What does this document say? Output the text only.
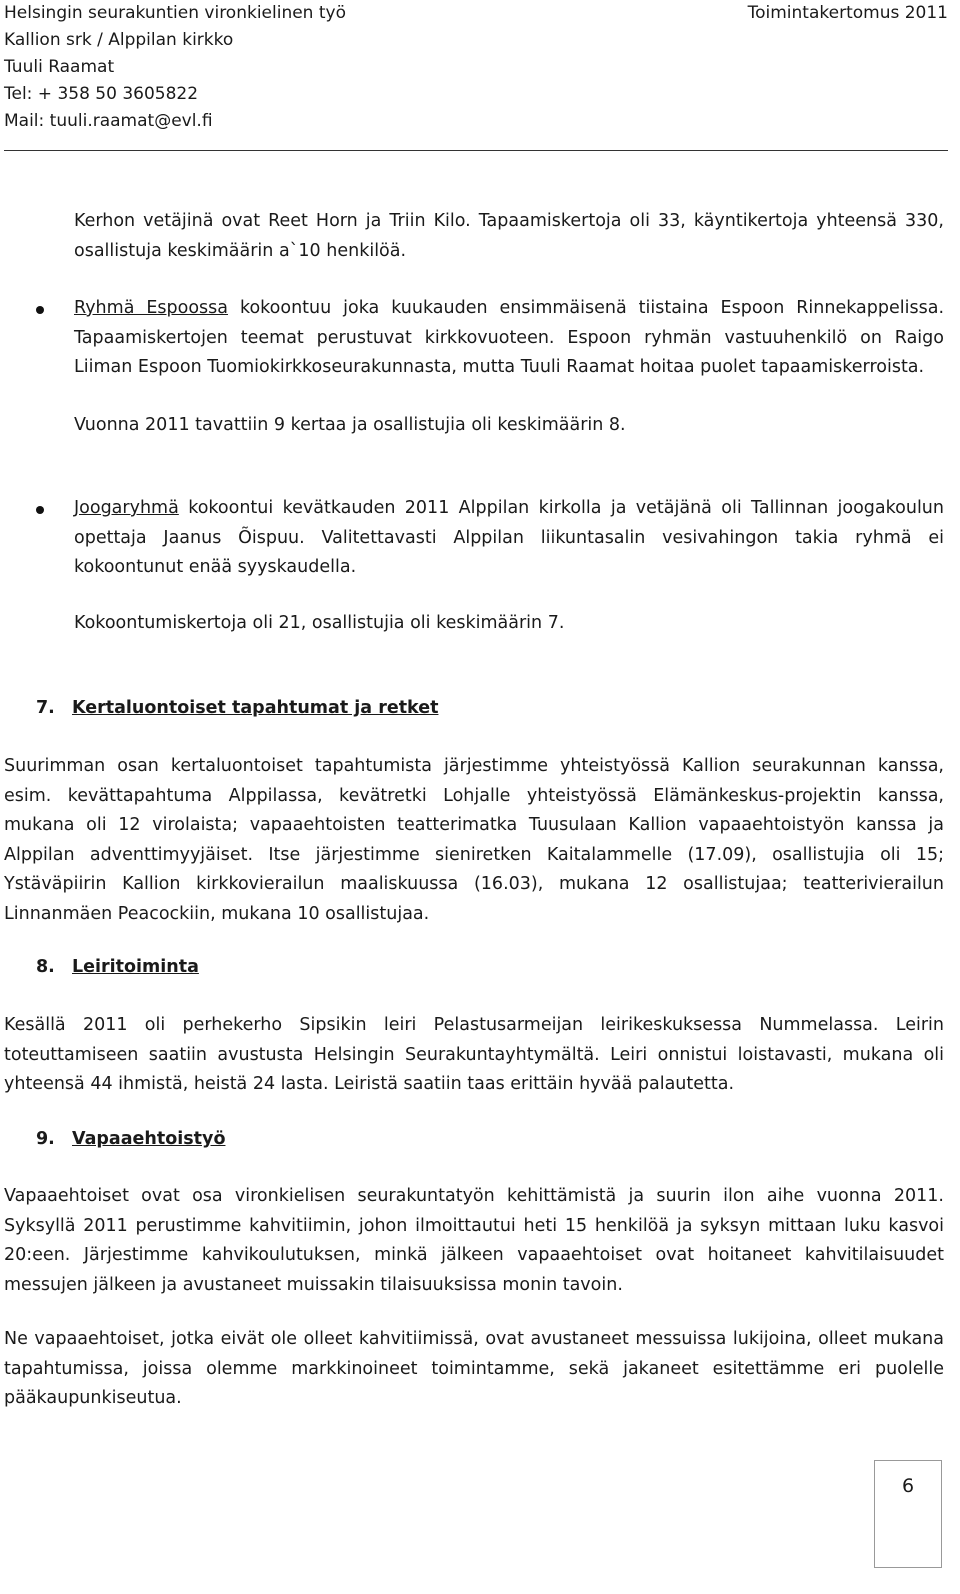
Helsingin seurakuntien vironkielinen työ
Kallion srk / Alppilan kirkko
Tuuli Raamat
Tel: + 358 50 3605822
Mail: tuuli.raamat@evl.fi
Toimintakertomus 2011

Kerhon vetäjinä ovat Reet Horn ja Triin Kilo. Tapaamiskertoja oli 33, käyntikertoja yhteensä 330, osallistuja keskimäärin a`10 henkilöä.

Ryhmä Espoossa kokoontuu joka kuukauden ensimmäisenä tiistaina Espoon Rinnekappelissa. Tapaamiskertojen teemat perustuvat kirkkovuoteen. Espoon ryhmän vastuuhenkilö on Raigo Liiman Espoon Tuomiokirkkoseurakunnasta, mutta Tuuli Raamat hoitaa puolet tapaamiskerroista.

Vuonna 2011 tavattiin 9 kertaa ja osallistujia oli keskimäärin 8.

Joogaryhmä kokoontui kevätkauden 2011 Alppilan kirkolla ja vetäjänä oli Tallinnan joogakoulun opettaja Jaanus Õispuu. Valitettavasti Alppilan liikuntasalin vesivahingon takia ryhmä ei kokoontunut enää syyskaudella.

Kokoontumiskertoja oli 21, osallistujia oli keskimäärin 7.

7. Kertaluontoiset tapahtumat ja retket

Suurimman osan kertaluontoiset tapahtumista järjestimme yhteistyössä Kallion seurakunnan kanssa, esim. kevättapahtuma Alppilassa, kevätretki Lohjalle yhteistyössä Elämänkeskus-projektin kanssa, mukana oli 12 virolaista; vapaaehtoisten teatterimatka Tuusulaan Kallion vapaaehtoistyön kanssa ja Alppilan adventtimyyjäiset. Itse järjestimme sieniretken Kaitalammelle (17.09), osallistujia oli 15; Ystäväpiirin Kallion kirkkovierailun maaliskuussa (16.03), mukana 12 osallistujaa; teatterivierailun Linnanmäen Peacockiin, mukana 10 osallistujaa.

8. Leiritoiminta

Kesällä 2011 oli perhekerho Sipsikin leiri Pelastusarmeijan leirikeskuksessa Nummelassa. Leirin toteuttamiseen saatiin avustusta Helsingin Seurakuntayhtymältä. Leiri onnistui loistavasti, mukana oli yhteensä 44 ihmistä, heistä 24 lasta. Leiristä saatiin taas erittäin hyvää palautetta.

9. Vapaaehtoistyö

Vapaaehtoiset ovat osa vironkielisen seurakuntatyön kehittämistä ja suurin ilon aihe vuonna 2011. Syksyllä 2011 perustimme kahvitiimin, johon ilmoittautui heti 15 henkilöä ja syksyn mittaan luku kasvoi 20:een. Järjestimme kahvikoulutuksen, minkä jälkeen vapaaehtoiset ovat hoitaneet kahvitilaisuudet messujen jälkeen ja avustaneet muissakin tilaisuuksissa monin tavoin.

Ne vapaaehtoiset, jotka eivät ole olleet kahvitiimissä, ovat avustaneet messuissa lukijoina, olleet mukana tapahtumissa, joissa olemme markkinoineet toimintamme, sekä jakaneet esitettämme eri puolelle pääkaupunkiseutua.

6
